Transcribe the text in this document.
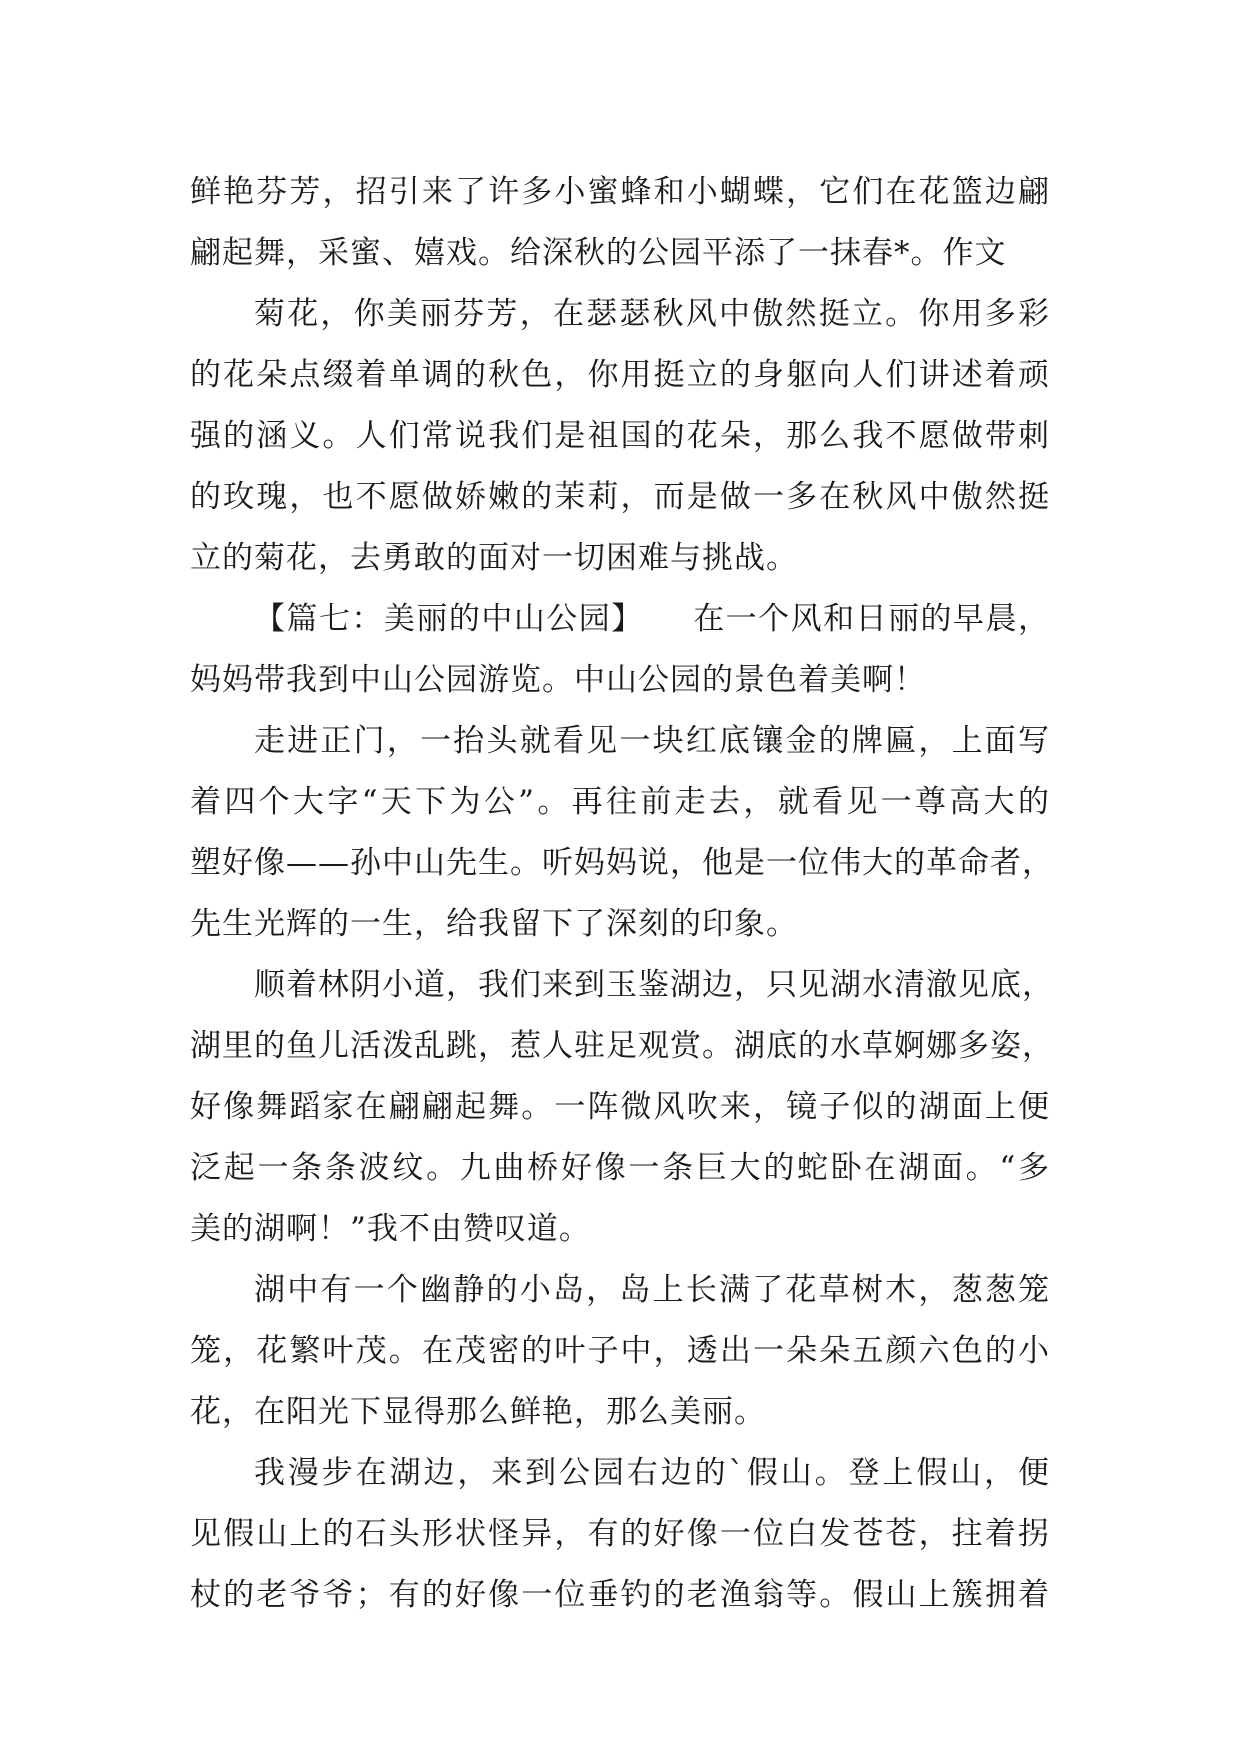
鲜艳芬芳，招引来了许多小蜜蜂和小蝴蝶，它们在花篮边翩
翩起舞，采蜜、嬉戏。给深秋的公园平添了一抹春*。作文
菊花，你美丽芬芳，在瑟瑟秋风中傲然挺立。你用多彩
的花朵点缀着单调的秋色，你用挺立的身躯向人们讲述着顽
强的涵义。人们常说我们是祖国的花朵，那么我不愿做带刺
的玫瑰，也不愿做娇嫩的茉莉，而是做一多在秋风中傲然挺
立的菊花，去勇敢的面对一切困难与挑战。
【篇七：美丽的中山公园】　　在一个风和日丽的早晨，
妈妈带我到中山公园游览。中山公园的景色着美啊！
走进正门，一抬头就看见一块红底镶金的牌匾，上面写
着四个大字“天下为公”。再往前走去，就看见一尊高大的
塑好像——孙中山先生。听妈妈说，他是一位伟大的革命者，
先生光辉的一生，给我留下了深刻的印象。
顺着林阴小道，我们来到玉鉴湖边，只见湖水清澈见底，
湖里的鱼儿活泼乱跳，惹人驻足观赏。湖底的水草婀娜多姿，
好像舞蹈家在翩翩起舞。一阵微风吹来，镜子似的湖面上便
泛起一条条波纹。九曲桥好像一条巨大的蛇卧在湖面。“多
美的湖啊！”我不由赞叹道。
湖中有一个幽静的小岛，岛上长满了花草树木，葱葱笼
笼，花繁叶茂。在茂密的叶子中，透出一朵朵五颜六色的小
花，在阳光下显得那么鲜艳，那么美丽。
我漫步在湖边，来到公园右边的`假山。登上假山，便
见假山上的石头形状怪异，有的好像一位白发苍苍，拄着拐
杖的老爷爷；有的好像一位垂钓的老渔翁等。假山上簇拥着
